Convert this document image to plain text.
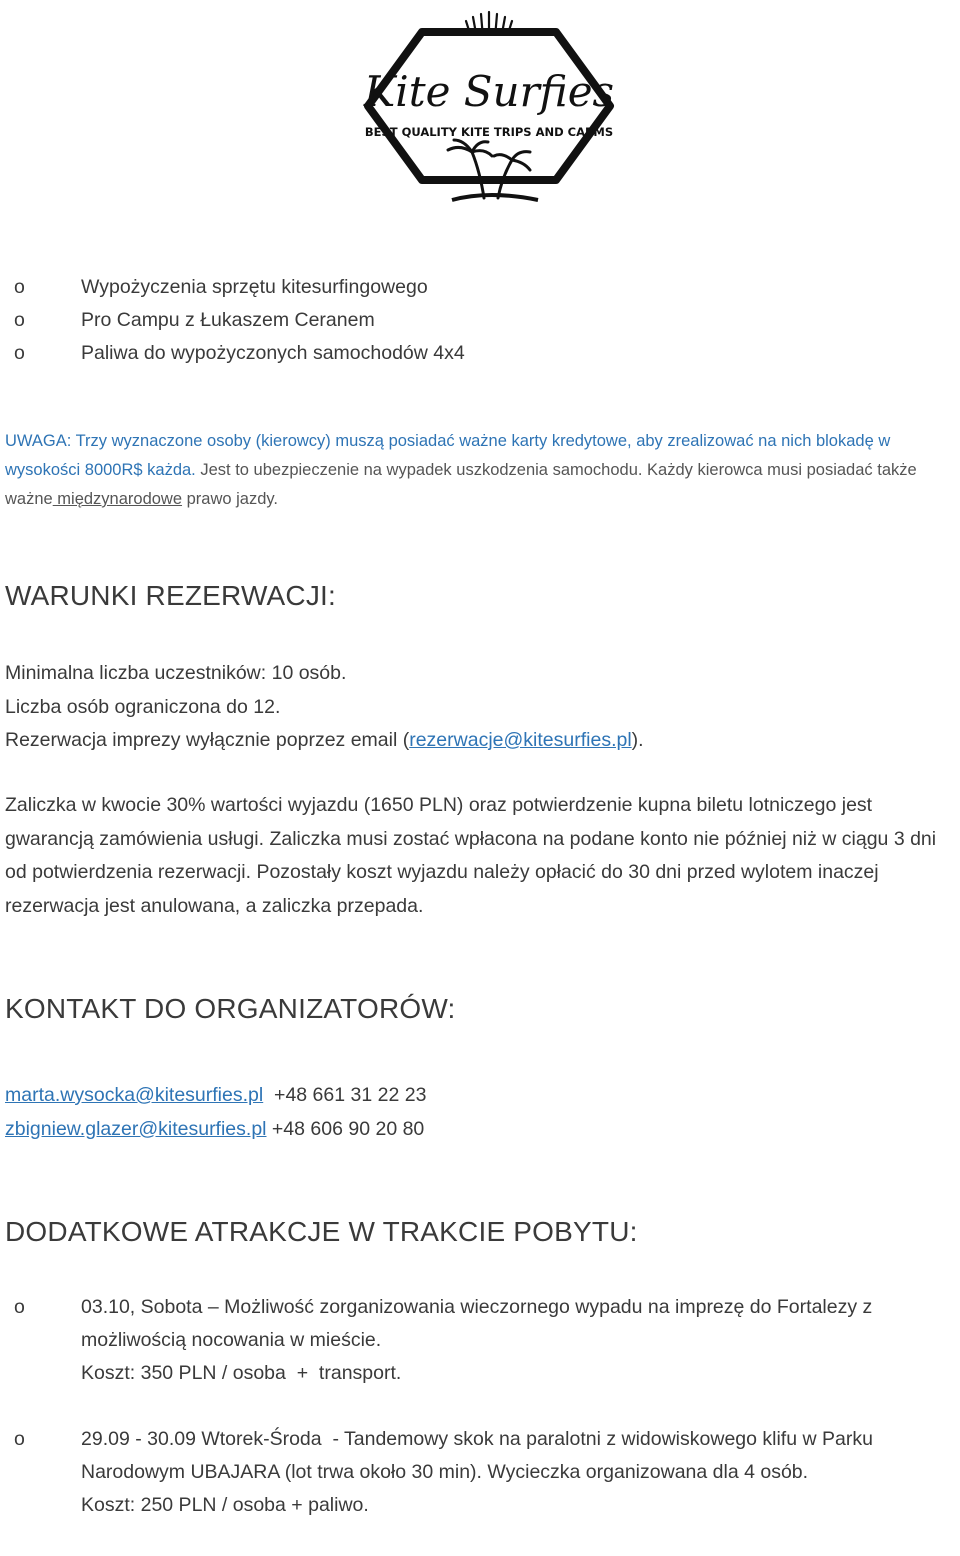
Kite Surfies
BEST QUALITY KITE TRIPS AND CAPMS
o	Wypożyczenia sprzętu kitesurfingowego
o	Pro Campu z Łukaszem Ceranem
o	Paliwa do wypożyczonych samochodów 4x4

UWAGA: Trzy wyznaczone osoby (kierowcy) muszą posiadać ważne karty kredytowe, aby zrealizować na nich blokadę w wysokości 8000R$ każda. Jest to ubezpieczenie na wypadek uszkodzenia samochodu. Każdy kierowca musi posiadać także ważne międzynarodowe prawo jazdy.

WARUNKI REZERWACJI:

Minimalna liczba uczestników: 10 osób.
Liczba osób ograniczona do 12.
Rezerwacja imprezy wyłącznie poprzez email (rezerwacje@kitesurfies.pl).

Zaliczka w kwocie 30% wartości wyjazdu (1650 PLN) oraz potwierdzenie kupna biletu lotniczego jest gwarancją zamówienia usługi. Zaliczka musi zostać wpłacona na podane konto nie później niż w ciągu 3 dni od potwierdzenia rezerwacji. Pozostały koszt wyjazdu należy opłacić do 30 dni przed wylotem inaczej rezerwacja jest anulowana, a zaliczka przepada.

KONTAKT DO ORGANIZATORÓW:

marta.wysocka@kitesurfies.pl  +48 661 31 22 23
zbigniew.glazer@kitesurfies.pl +48 606 90 20 80

DODATKOWE ATRAKCJE W TRAKCIE POBYTU:
o	03.10, Sobota – Możliwość zorganizowania wieczornego wypadu na imprezę do Fortalezy z możliwością nocowania w mieście.
Koszt: 350 PLN / osoba  +  transport.
o	29.09 - 30.09 Wtorek-Środa  - Tandemowy skok na paralotni z widowiskowego klifu w Parku Narodowym UBAJARA (lot trwa około 30 min). Wycieczka organizowana dla 4 osób.
Koszt: 250 PLN / osoba + paliwo.
